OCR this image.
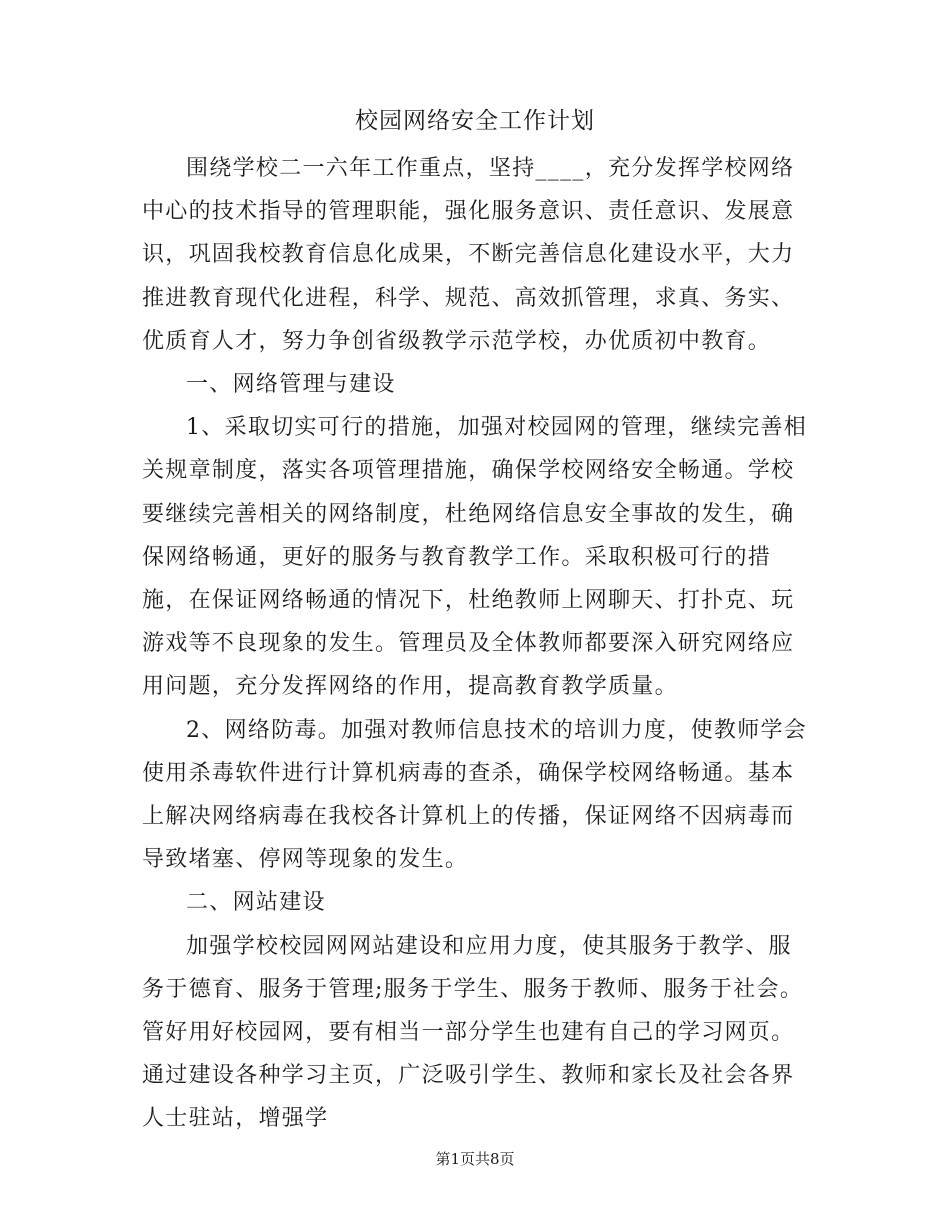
校园网络安全工作计划

围绕学校二一六年工作重点，坚持____，充分发挥学校网络中心的技术指导的管理职能，强化服务意识、责任意识、发展意识，巩固我校教育信息化成果，不断完善信息化建设水平，大力推进教育现代化进程，科学、规范、高效抓管理，求真、务实、优质育人才，努力争创省级教学示范学校，办优质初中教育。

一、网络管理与建设

1、采取切实可行的措施，加强对校园网的管理，继续完善相关规章制度，落实各项管理措施，确保学校网络安全畅通。学校要继续完善相关的网络制度，杜绝网络信息安全事故的发生，确保网络畅通，更好的服务与教育教学工作。采取积极可行的措施，在保证网络畅通的情况下，杜绝教师上网聊天、打扑克、玩游戏等不良现象的发生。管理员及全体教师都要深入研究网络应用问题，充分发挥网络的作用，提高教育教学质量。

2、网络防毒。加强对教师信息技术的培训力度，使教师学会使用杀毒软件进行计算机病毒的查杀，确保学校网络畅通。基本上解决网络病毒在我校各计算机上的传播，保证网络不因病毒而导致堵塞、停网等现象的发生。

二、网站建设

加强学校校园网网站建设和应用力度，使其服务于教学、服务于德育、服务于管理;服务于学生、服务于教师、服务于社会。管好用好校园网，要有相当一部分学生也建有自己的学习网页。通过建设各种学习主页，广泛吸引学生、教师和家长及社会各界人士驻站，增强学

第1页共8页
